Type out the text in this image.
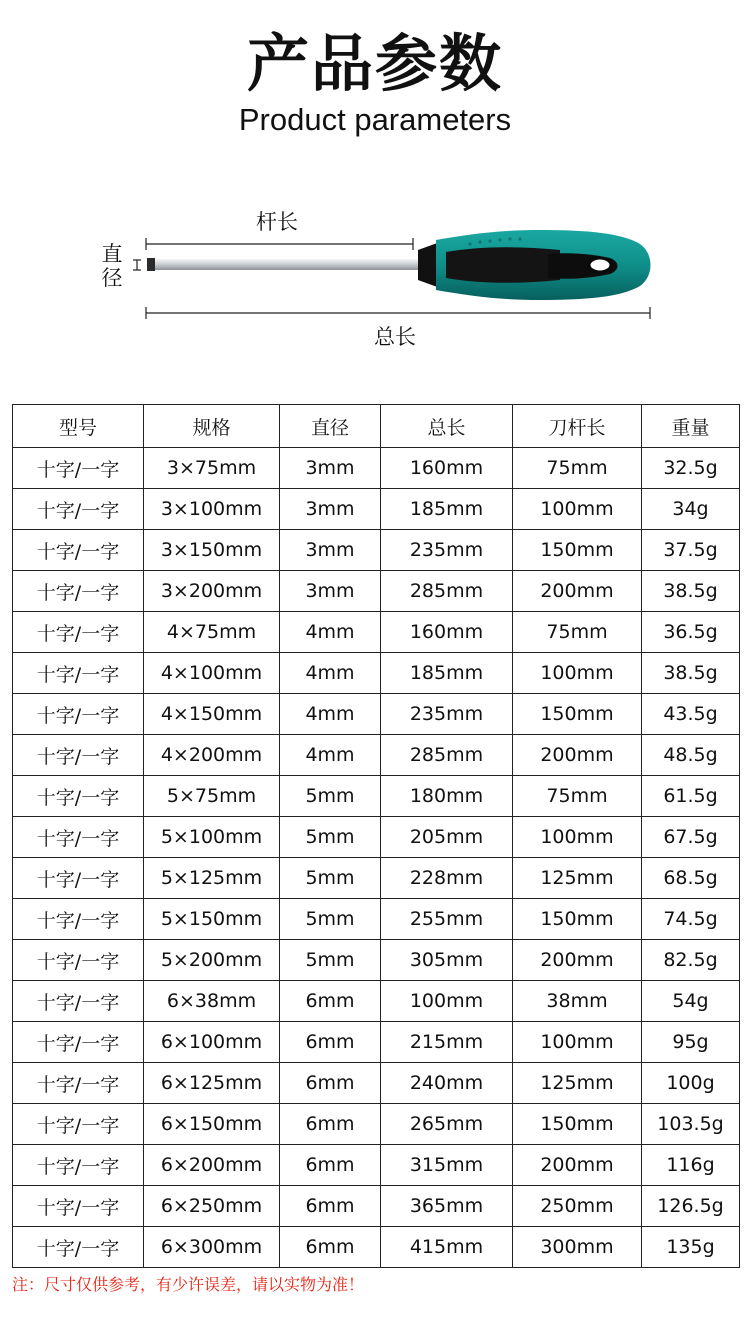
产品参数
Product parameters
杆长
直径
总长
型号	规格	直径	总长	刀杆长	重量
十字/一字	3×75mm	3mm	160mm	75mm	32.5g
十字/一字	3×100mm	3mm	185mm	100mm	34g
十字/一字	3×150mm	3mm	235mm	150mm	37.5g
十字/一字	3×200mm	3mm	285mm	200mm	38.5g
十字/一字	4×75mm	4mm	160mm	75mm	36.5g
十字/一字	4×100mm	4mm	185mm	100mm	38.5g
十字/一字	4×150mm	4mm	235mm	150mm	43.5g
十字/一字	4×200mm	4mm	285mm	200mm	48.5g
十字/一字	5×75mm	5mm	180mm	75mm	61.5g
十字/一字	5×100mm	5mm	205mm	100mm	67.5g
十字/一字	5×125mm	5mm	228mm	125mm	68.5g
十字/一字	5×150mm	5mm	255mm	150mm	74.5g
十字/一字	5×200mm	5mm	305mm	200mm	82.5g
十字/一字	6×38mm	6mm	100mm	38mm	54g
十字/一字	6×100mm	6mm	215mm	100mm	95g
十字/一字	6×125mm	6mm	240mm	125mm	100g
十字/一字	6×150mm	6mm	265mm	150mm	103.5g
十字/一字	6×200mm	6mm	315mm	200mm	116g
十字/一字	6×250mm	6mm	365mm	250mm	126.5g
十字/一字	6×300mm	6mm	415mm	300mm	135g
注：尺寸仅供参考，有少许误差，请以实物为准！
